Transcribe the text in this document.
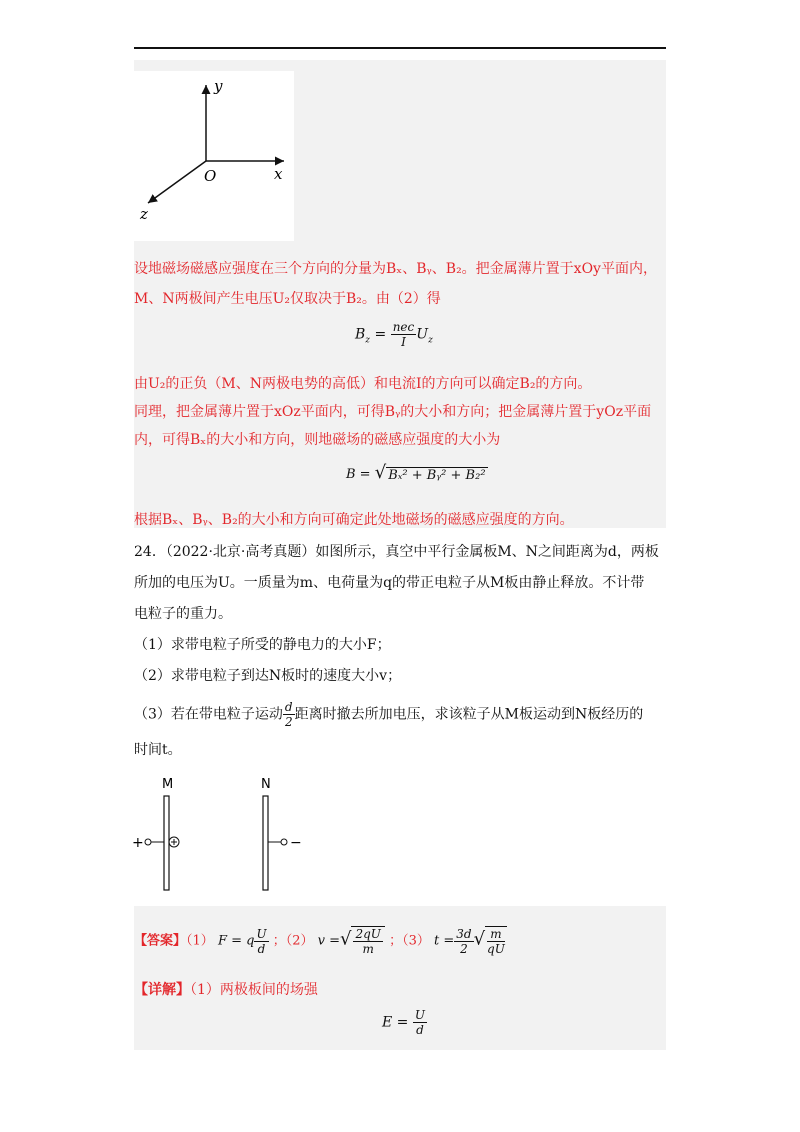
y
x
z
O
设地磁场磁感应强度在三个方向的分量为Bₓ、Bᵧ、B₂。把金属薄片置于xOy平面内，
M、N两极间产生电压U₂仅取决于B₂。由（2）得
$B_z = \frac{\text{nec}}{I} U_z$
由U₂的正负（M、N两极电势的高低）和电流I的方向可以确定B₂的方向。
同理，把金属薄片置于xOz平面内，可得Bᵧ的大小和方向；把金属薄片置于yOz平面
内，可得Bₓ的大小和方向，则地磁场的磁感应强度的大小为
B = √ Bₓ² + Bᵧ² + B₂²
根据Bₓ、Bᵧ、B₂的大小和方向可确定此处地磁场的磁感应强度的方向。
24．（2022·北京·高考真题）如图所示，真空中平行金属板M、N之间距离为d，两板
所加的电压为U。一质量为m、电荷量为q的带正电粒子从M板由静止释放。不计带
电粒子的重力。
（1）求带电粒子所受的静电力的大小F；
（2）求带电粒子到达N板时的速度大小v；
（3）若在带电粒子运动 $\frac{d}{2}$ 距离时撤去所加电压，求该粒子从M板运动到N板经历的
时间t。
M	N
+	−
【答案】（1） F = q $\frac{U}{d}$ ；（2） v =√ $\frac{2qU}{m}$ ；（3） $t = \frac{3d}{2}$ √ $\frac{m}{qU}$
【详解】（1）两极板间的场强
$E = \frac{U}{d}$
